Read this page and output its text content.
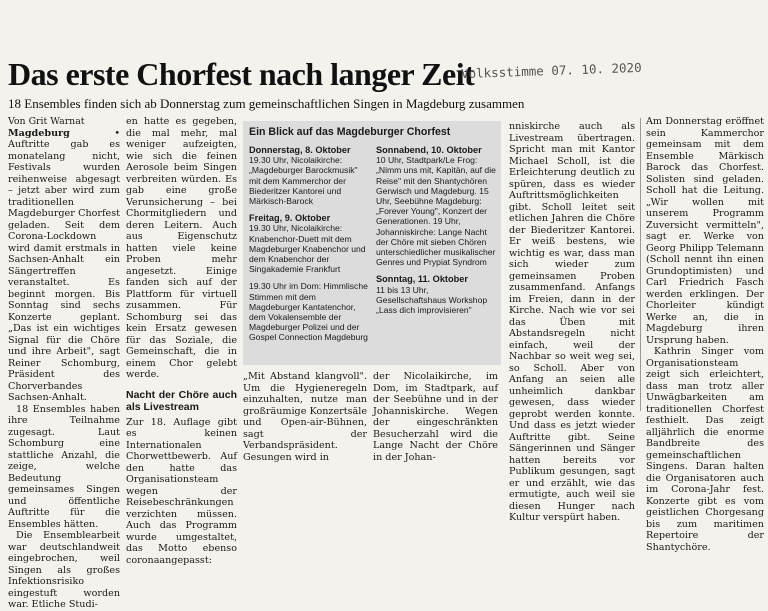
Das erste Chorfest nach langer Zeit
Volksstimme 07. 10. 2020
18 Ensembles finden sich ab Donnerstag zum gemeinschaftlichen Singen in Magdeburg zusammen

Von Grit Warnat

Magdeburg	• Auftritte gab es monatelang nicht, Festivals wurden reihenweise abgesagt – jetzt aber wird zum traditionellen Magdeburger Chorfest geladen. Seit dem Corona-Lockdown wird damit erstmals in Sachsen-Anhalt ein Sängertreffen veranstaltet. Es beginnt morgen. Bis Sonntag sind sechs Konzerte geplant. „Das ist ein wichtiges Signal für die Chöre und ihre Arbeit", sagt Reiner Schomburg, Präsident des Chorverbandes Sachsen-Anhalt.

18 Ensembles haben ihre Teilnahme zugesagt. Laut Schomburg eine stattliche Anzahl, die zeige, welche Bedeutung gemeinsames Singen und öffentliche Auftritte für die Ensembles hätten.

Die Ensemblearbeit war deutschlandweit eingebrochen, weil Singen als großes Infektionsrisiko eingestuft worden war. Etliche Studi-

en hatte es gegeben, die mal mehr, mal weniger aufzeigten, wie sich die feinen Aerosole beim Singen verbreiten würden. Es gab eine große Verunsicherung – bei Chormitgliedern und deren Leitern. Auch aus Eigenschutz hatten viele keine Proben mehr angesetzt. Einige fanden sich auf der Plattform für virtuell zusammen. Für Schomburg sei das kein Ersatz gewesen für das Soziale, die Gemeinschaft, die in einem Chor gelebt werde.

Nacht der Chöre auch als Livestream

Zur 18. Auflage gibt es keinen Internationalen Chorwettbewerb. Auf den hatte das Organisationsteam wegen der Reisebeschränkungen verzichten müssen. Auch das Programm wurde umgestaltet, das Motto ebenso coronaangepasst:

Ein Blick auf das Magdeburger Chorfest
Donnerstag, 8. Oktober
19.30 Uhr, Nicolaikirche: „Magdeburger Barockmusik" mit dem Kammerchor der Biederitzer Kantorei und Märkisch-Barock
Freitag, 9. Oktober
19.30 Uhr, Nicolaikirche: Knabenchor-Duett mit dem Magdeburger Knabenchor und dem Knabenchor der Singakademie Frankfurt
19.30 Uhr im Dom: Himmlische Stimmen mit dem Magdeburger Kantatenchor, dem Vokalensemble der Magdeburger Polizei und der Gospel Connection Magdeburg
Sonnabend, 10. Oktober
10 Uhr, Stadtpark/Le Frog: „Nimm uns mit, Kapitän, auf die Reise" mit den Shantychören Gerwisch und Magdeburg. 15 Uhr, Seebühne Magdeburg: „Forever Young", Konzert der Generationen. 19 Uhr, Johanniskirche: Lange Nacht der Chöre mit sieben Chören unterschiedlicher musikalischer Genres und Prypiat Syndrom
Sonntag, 11. Oktober
11 bis 13 Uhr, Gesellschaftshaus Workshop „Lass dich improvisieren"

„Mit Abstand klangvoll". Um die Hygieneregeln einzuhalten, nutze man großräumige Konzertsäle und Open-air-Bühnen, sagt der Verbandspräsident. Gesungen wird in

der Nicolaikirche, im Dom, im Stadtpark, auf der Seebühne und in der Johanniskirche. Wegen der eingeschränkten Besucherzahl wird die Lange Nacht der Chöre in der Johan-

nniskirche auch als Livestream übertragen. Spricht man mit Kantor Michael Scholl, ist die Erleichterung deutlich zu spüren, dass es wieder Auftrittsmöglichkeiten gibt. Scholl leitet seit etlichen Jahren die Chöre der Biederitzer Kantorei. Er weiß bestens, wie wichtig es war, dass man sich wieder zum gemeinsamen Proben zusammenfand. Anfangs im Freien, dann in der Kirche. Nach wie vor sei das Üben mit Abstandsregeln nicht einfach, weil der Nachbar so weit weg sei, so Scholl. Aber von Anfang an seien alle unheimlich dankbar gewesen, dass wieder geprobt werden konnte. Und dass es jetzt wieder Auftritte gibt. Seine Sängerinnen und Sänger hatten bereits vor Publikum gesungen, sagt er und erzählt, wie das ermutigte, auch weil sie diesen Hunger nach Kultur verspürt haben.

Am Donnerstag eröffnet sein Kammerchor gemeinsam mit dem Ensemble Märkisch Barock das Chorfest. Solisten sind geladen. Scholl hat die Leitung. „Wir wollen mit unserem Programm Zuversicht vermitteln", sagt er. Werke von Georg Philipp Telemann (Scholl nennt ihn einen Grundoptimisten) und Carl Friedrich Fasch werden erklingen. Der Chorleiter kündigt Werke an, die in Magdeburg ihren Ursprung haben.

Kathrin Singer vom Organisationsteam zeigt sich erleichtert, dass man trotz aller Unwägbarkeiten am traditionellen Chorfest festhielt. Das zeigt alljährlich die enorme Bandbreite des gemeinschaftlichen Singens. Daran halten die Organisatoren auch im Corona-Jahr fest. Konzerte gibt es vom geistlichen Chorgesang bis zum maritimen Repertoire der Shantychöre.
